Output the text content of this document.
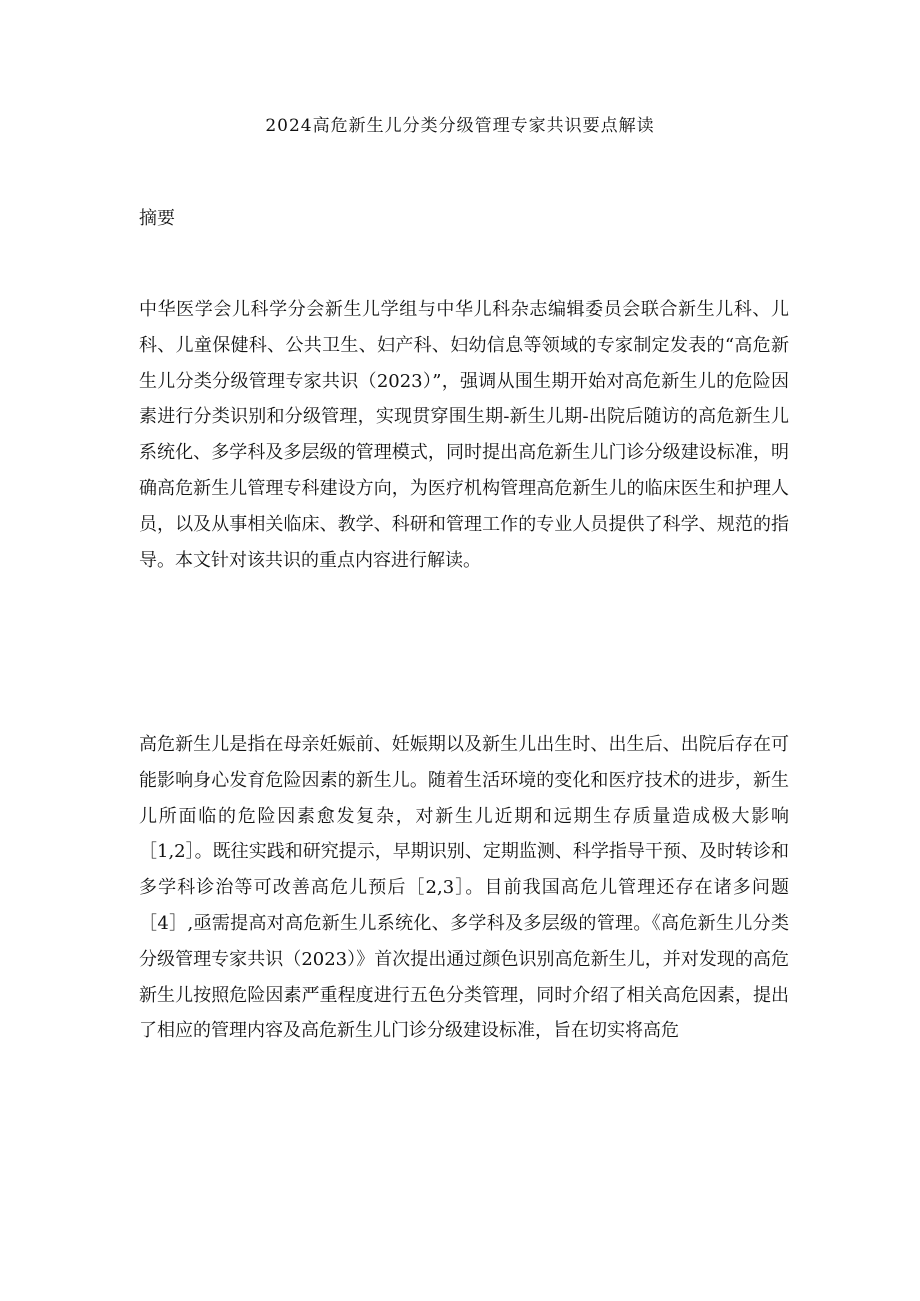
2024高危新生儿分类分级管理专家共识要点解读
摘要

中华医学会儿科学分会新生儿学组与中华儿科杂志编辑委员会联合新生儿科、儿科、儿童保健科、公共卫生、妇产科、妇幼信息等领域的专家制定发表的“高危新生儿分类分级管理专家共识（2023）”，强调从围生期开始对高危新生儿的危险因素进行分类识别和分级管理，实现贯穿围生期-新生儿期-出院后随访的高危新生儿系统化、多学科及多层级的管理模式，同时提出高危新生儿门诊分级建设标准，明确高危新生儿管理专科建设方向，为医疗机构管理高危新生儿的临床医生和护理人员，以及从事相关临床、教学、科研和管理工作的专业人员提供了科学、规范的指导。本文针对该共识的重点内容进行解读。

高危新生儿是指在母亲妊娠前、妊娠期以及新生儿出生时、出生后、出院后存在可能影响身心发育危险因素的新生儿。随着生活环境的变化和医疗技术的进步，新生儿所面临的危险因素愈发复杂，对新生儿近期和远期生存质量造成极大影响［1,2］。既往实践和研究提示，早期识别、定期监测、科学指导干预、及时转诊和多学科诊治等可改善高危儿预后［2,3］。目前我国高危儿管理还存在诸多问题［4］,亟需提高对高危新生儿系统化、多学科及多层级的管理。《高危新生儿分类分级管理专家共识（2023）》首次提出通过颜色识别高危新生儿，并对发现的高危新生儿按照危险因素严重程度进行五色分类管理，同时介绍了相关高危因素，提出了相应的管理内容及高危新生儿门诊分级建设标准，旨在切实将高危
